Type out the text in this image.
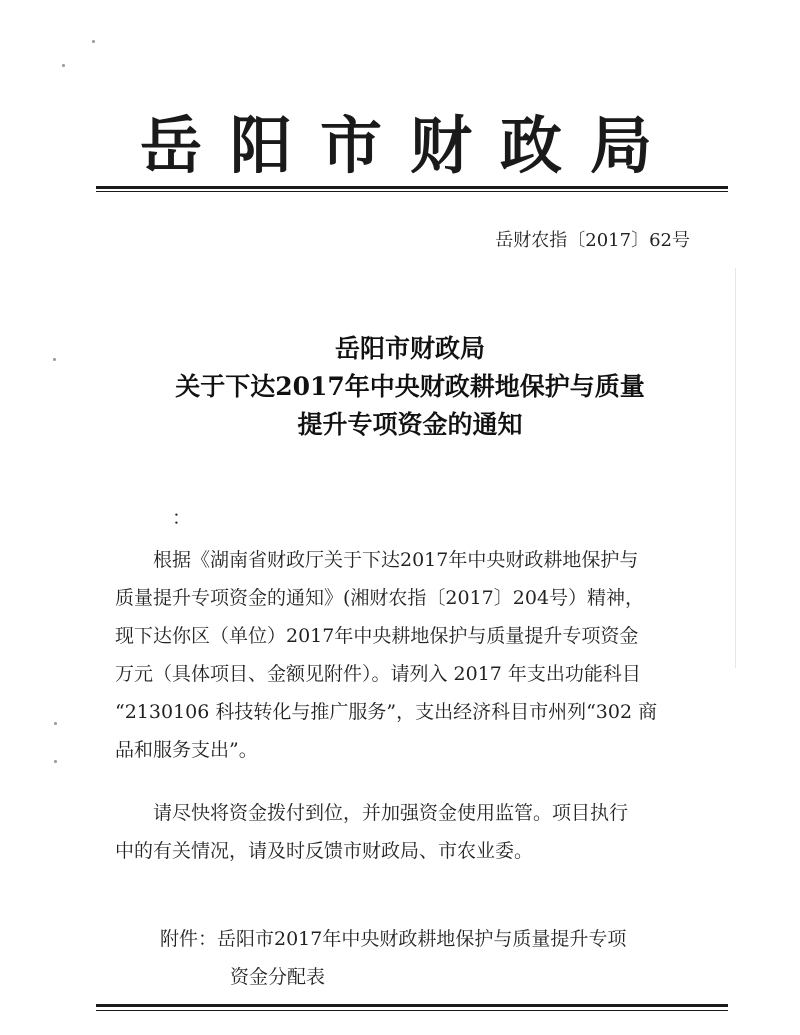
岳阳市财政局
岳财农指〔2017〕62号
岳阳市财政局
关于下达2017年中央财政耕地保护与质量
提升专项资金的通知
：
根据《湖南省财政厅关于下达2017年中央财政耕地保护与
质量提升专项资金的通知》(湘财农指〔2017〕204号）精神，
现下达你区（单位）2017年中央耕地保护与质量提升专项资金
万元（具体项目、金额见附件）。请列入 2017 年支出功能科目
“2130106 科技转化与推广服务”，支出经济科目市州列“302 商
品和服务支出”。
请尽快将资金拨付到位，并加强资金使用监管。项目执行
中的有关情况，请及时反馈市财政局、市农业委。
附件：岳阳市2017年中央财政耕地保护与质量提升专项
资金分配表
